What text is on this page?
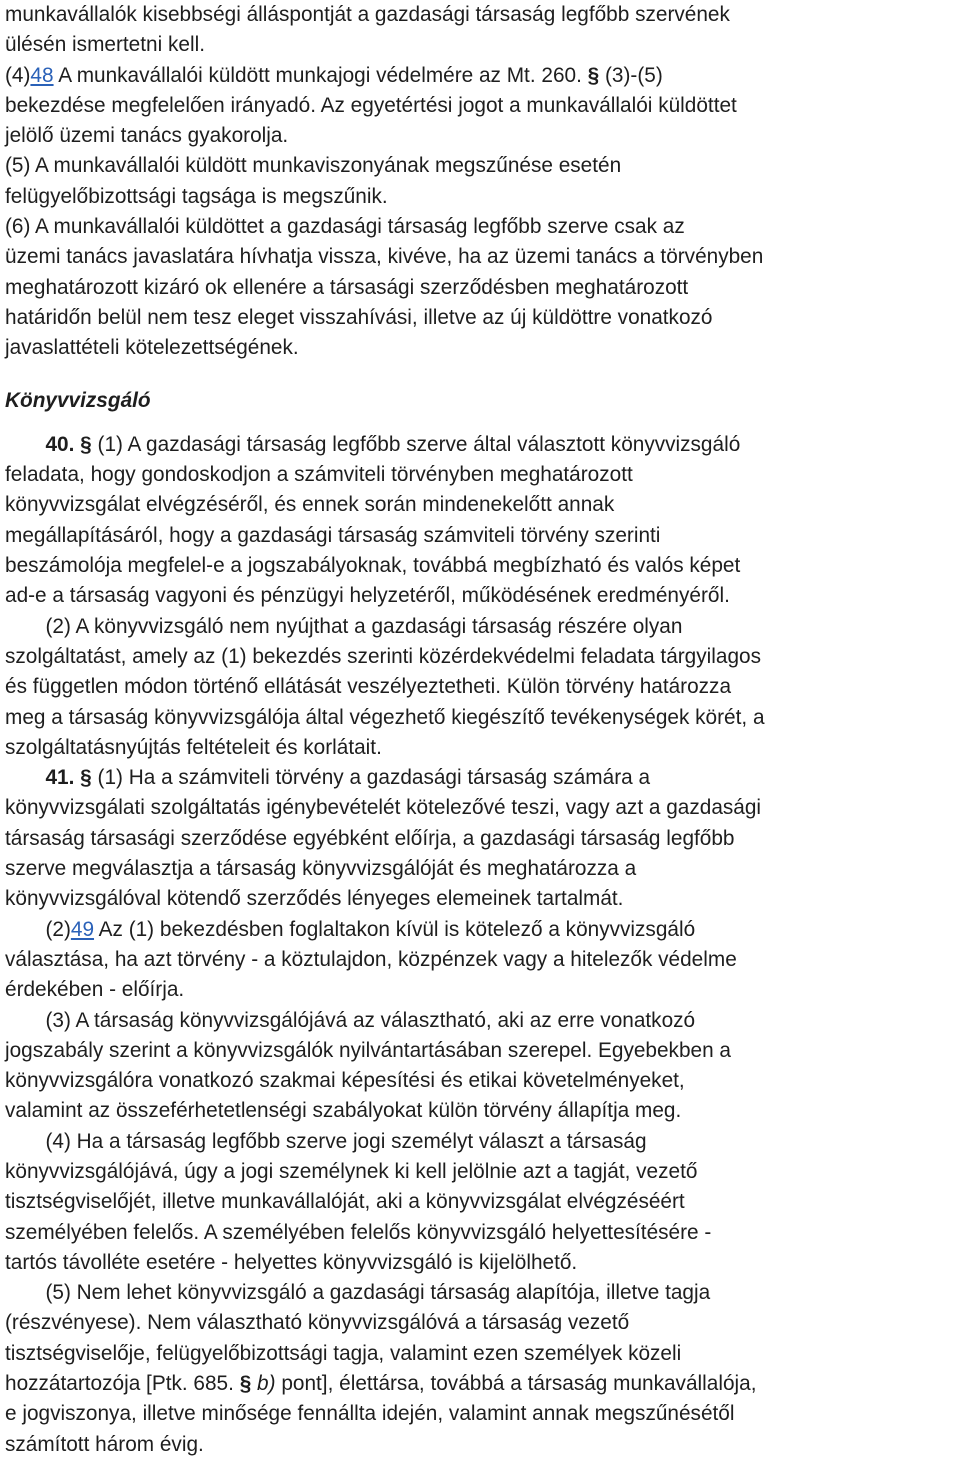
munkavállalók kisebbségi álláspontját a gazdasági társaság legfőbb szervének
ülésén ismertetni kell.
(4)48 A munkavállalói küldött munkajogi védelmére az Mt. 260. § (3)-(5)
bekezdése megfelelően irányadó. Az egyetértési jogot a munkavállalói küldöttet
jelölő üzemi tanács gyakorolja.
(5) A munkavállalói küldött munkaviszonyának megszűnése esetén
felügyelőbizottsági tagsága is megszűnik.
(6) A munkavállalói küldöttet a gazdasági társaság legfőbb szerve csak az
üzemi tanács javaslatára hívhatja vissza, kivéve, ha az üzemi tanács a törvényben
meghatározott kizáró ok ellenére a társasági szerződésben meghatározott
határidőn belül nem tesz eleget visszahívási, illetve az új küldöttre vonatkozó
javaslattételi kötelezettségének.
Könyvvizsgáló
40. § (1) A gazdasági társaság legfőbb szerve által választott könyvvizsgáló
feladata, hogy gondoskodjon a számviteli törvényben meghatározott
könyvvizsgálat elvégzéséről, és ennek során mindenekelőtt annak
megállapításáról, hogy a gazdasági társaság számviteli törvény szerinti
beszámolója megfelel-e a jogszabályoknak, továbbá megbízható és valós képet
ad-e a társaság vagyoni és pénzügyi helyzetéről, működésének eredményéről.
(2) A könyvvizsgáló nem nyújthat a gazdasági társaság részére olyan
szolgáltatást, amely az (1) bekezdés szerinti közérdekvédelmi feladata tárgyilagos
és független módon történő ellátását veszélyeztetheti. Külön törvény határozza
meg a társaság könyvvizsgálója által végezhető kiegészítő tevékenységek körét, a
szolgáltatásnyújtás feltételeit és korlátait.
41. § (1) Ha a számviteli törvény a gazdasági társaság számára a
könyvvizsgálati szolgáltatás igénybevételét kötelezővé teszi, vagy azt a gazdasági
társaság társasági szerződése egyébként előírja, a gazdasági társaság legfőbb
szerve megválasztja a társaság könyvvizsgálóját és meghatározza a
könyvvizsgálóval kötendő szerződés lényeges elemeinek tartalmát.
(2)49 Az (1) bekezdésben foglaltakon kívül is kötelező a könyvvizsgáló
választása, ha azt törvény - a köztulajdon, közpénzek vagy a hitelezők védelme
érdekében - előírja.
(3) A társaság könyvvizsgálójává az választható, aki az erre vonatkozó
jogszabály szerint a könyvvizsgálók nyilvántartásában szerepel. Egyebekben a
könyvvizsgálóra vonatkozó szakmai képesítési és etikai követelményeket,
valamint az összeférhetetlenségi szabályokat külön törvény állapítja meg.
(4) Ha a társaság legfőbb szerve jogi személyt választ a társaság
könyvvizsgálójává, úgy a jogi személynek ki kell jelölnie azt a tagját, vezető
tisztségviselőjét, illetve munkavállalóját, aki a könyvvizsgálat elvégzéséért
személyében felelős. A személyében felelős könyvvizsgáló helyettesítésére -
tartós távolléte esetére - helyettes könyvvizsgáló is kijelölhető.
(5) Nem lehet könyvvizsgáló a gazdasági társaság alapítója, illetve tagja
(részvényese). Nem választható könyvvizsgálóvá a társaság vezető
tisztségviselője, felügyelőbizottsági tagja, valamint ezen személyek közeli
hozzátartozója [Ptk. 685. § b) pont], élettársa, továbbá a társaság munkavállalója,
e jogviszonya, illetve minősége fennállta idején, valamint annak megszűnésétől
számított három évig.
